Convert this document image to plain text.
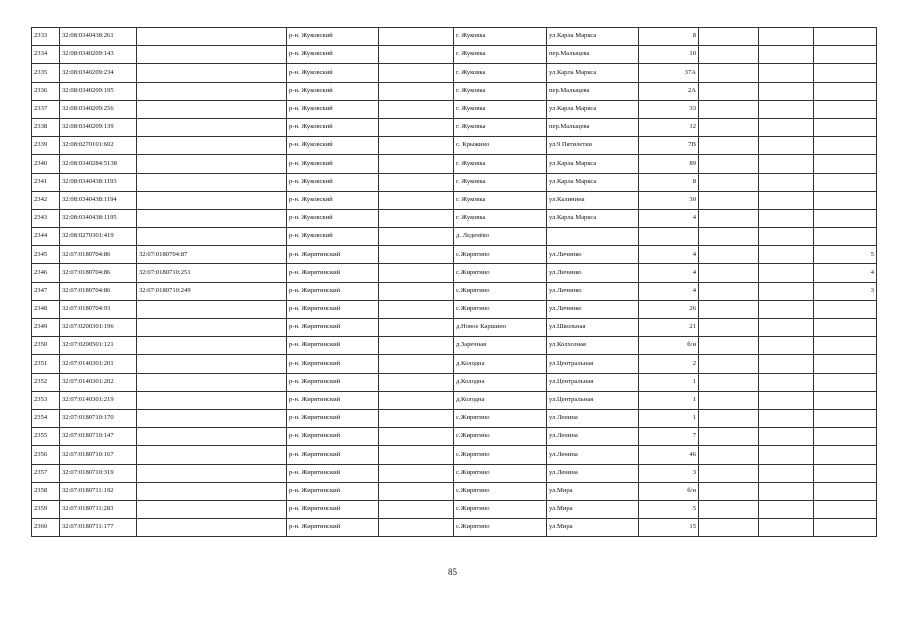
2333	32:08:0340438:261		р-н. Жуковский		г. Жуковка	ул.Карла Маркса	8			
2334	32:08:0340209:143		р-н. Жуковский		г. Жуковка	пер.Малыцева	10			
2335	32:08:0340209:234		р-н. Жуковский		г. Жуковка	ул.Карла Маркса	37А			
2336	32:08:0340209:195		р-н. Жуковский		г. Жуковка	пер.Малыцева	2А			
2337	32:08:0340209:256		р-н. Жуковский		г. Жуковка	ул.Карла Маркса	33			
2338	32:08:0340209:139		р-н. Жуковский		г. Жуковка	пер.Малыцева	12			
2339	32:08:0270101:602		р-н. Жуковский		с. Крыжино	ул.9 Пятилетки	7В			
2340	32:08:0340284:5138		р-н. Жуковский		г. Жуковка	ул.Карла Маркса	89			
2341	32:08:0340438:1193		р-н. Жуковский		г. Жуковка	ул.Карла Маркса	8			
2342	32:08:0340438:1194		р-н. Жуковский		г. Жуковка	ул.Калинина	30			
2343	32:08:0340438:1195		р-н. Жуковский		г. Жуковка	ул.Карла Маркса	4			
2344	32:08:0270301:419		р-н. Жуковский		д. Леденёво					
2345	32:07:0180704:86	32:07:0180704:87	р-н. Жирятинский		с.Жирятино	ул.Личинко	4			5
2346	32:07:0180704:86	32:07:0180710:251	р-н. Жирятинский		с.Жирятино	ул.Личинко	4			4
2347	32:07:0180704:86	32:07:0180710:249	р-н. Жирятинский		с.Жирятино	ул.Личинко	4			3
2348	32:07:0180704:93		р-н. Жирятинский		с.Жирятино	ул.Личинко	26			
2349	32:07:0200301:196		р-н. Жирятинский		д.Новое Каршино	ул.Школьная	21			
2350	32:07:0200501:121		р-н. Жирятинский		д.Заречная	ул.Колхозная	б/н			
2351	32:07:0140301:201		р-н. Жирятинский		д.Колодна	ул.Центральная	2			
2352	32:07:0140301:202		р-н. Жирятинский		д.Колодна	ул.Центральная	1			
2353	32:07:0140301:219		р-н. Жирятинский		д.Колодна	ул.Центральная	1			
2354	32:07:0180710:170		р-н. Жирятинский		с.Жирятино	ул.Ленина	1			
2355	32:07:0180710:147		р-н. Жирятинский		с.Жирятино	ул.Ленина	7			
2356	32:07:0180710:167		р-н. Жирятинский		с.Жирятино	ул.Ленина	46			
2357	32:07:0180710:319		р-н. Жирятинский		с.Жирятино	ул.Ленина	3			
2358	32:07:0180711:192		р-н. Жирятинский		с.Жирятино	ул.Мира	б/н			
2359	32:07:0180711:283		р-н. Жирятинский		с.Жирятино	ул.Мира	5			
2360	32:07:0180711:177		р-н. Жирятинский		с.Жирятино	ул.Мира	15			
85
